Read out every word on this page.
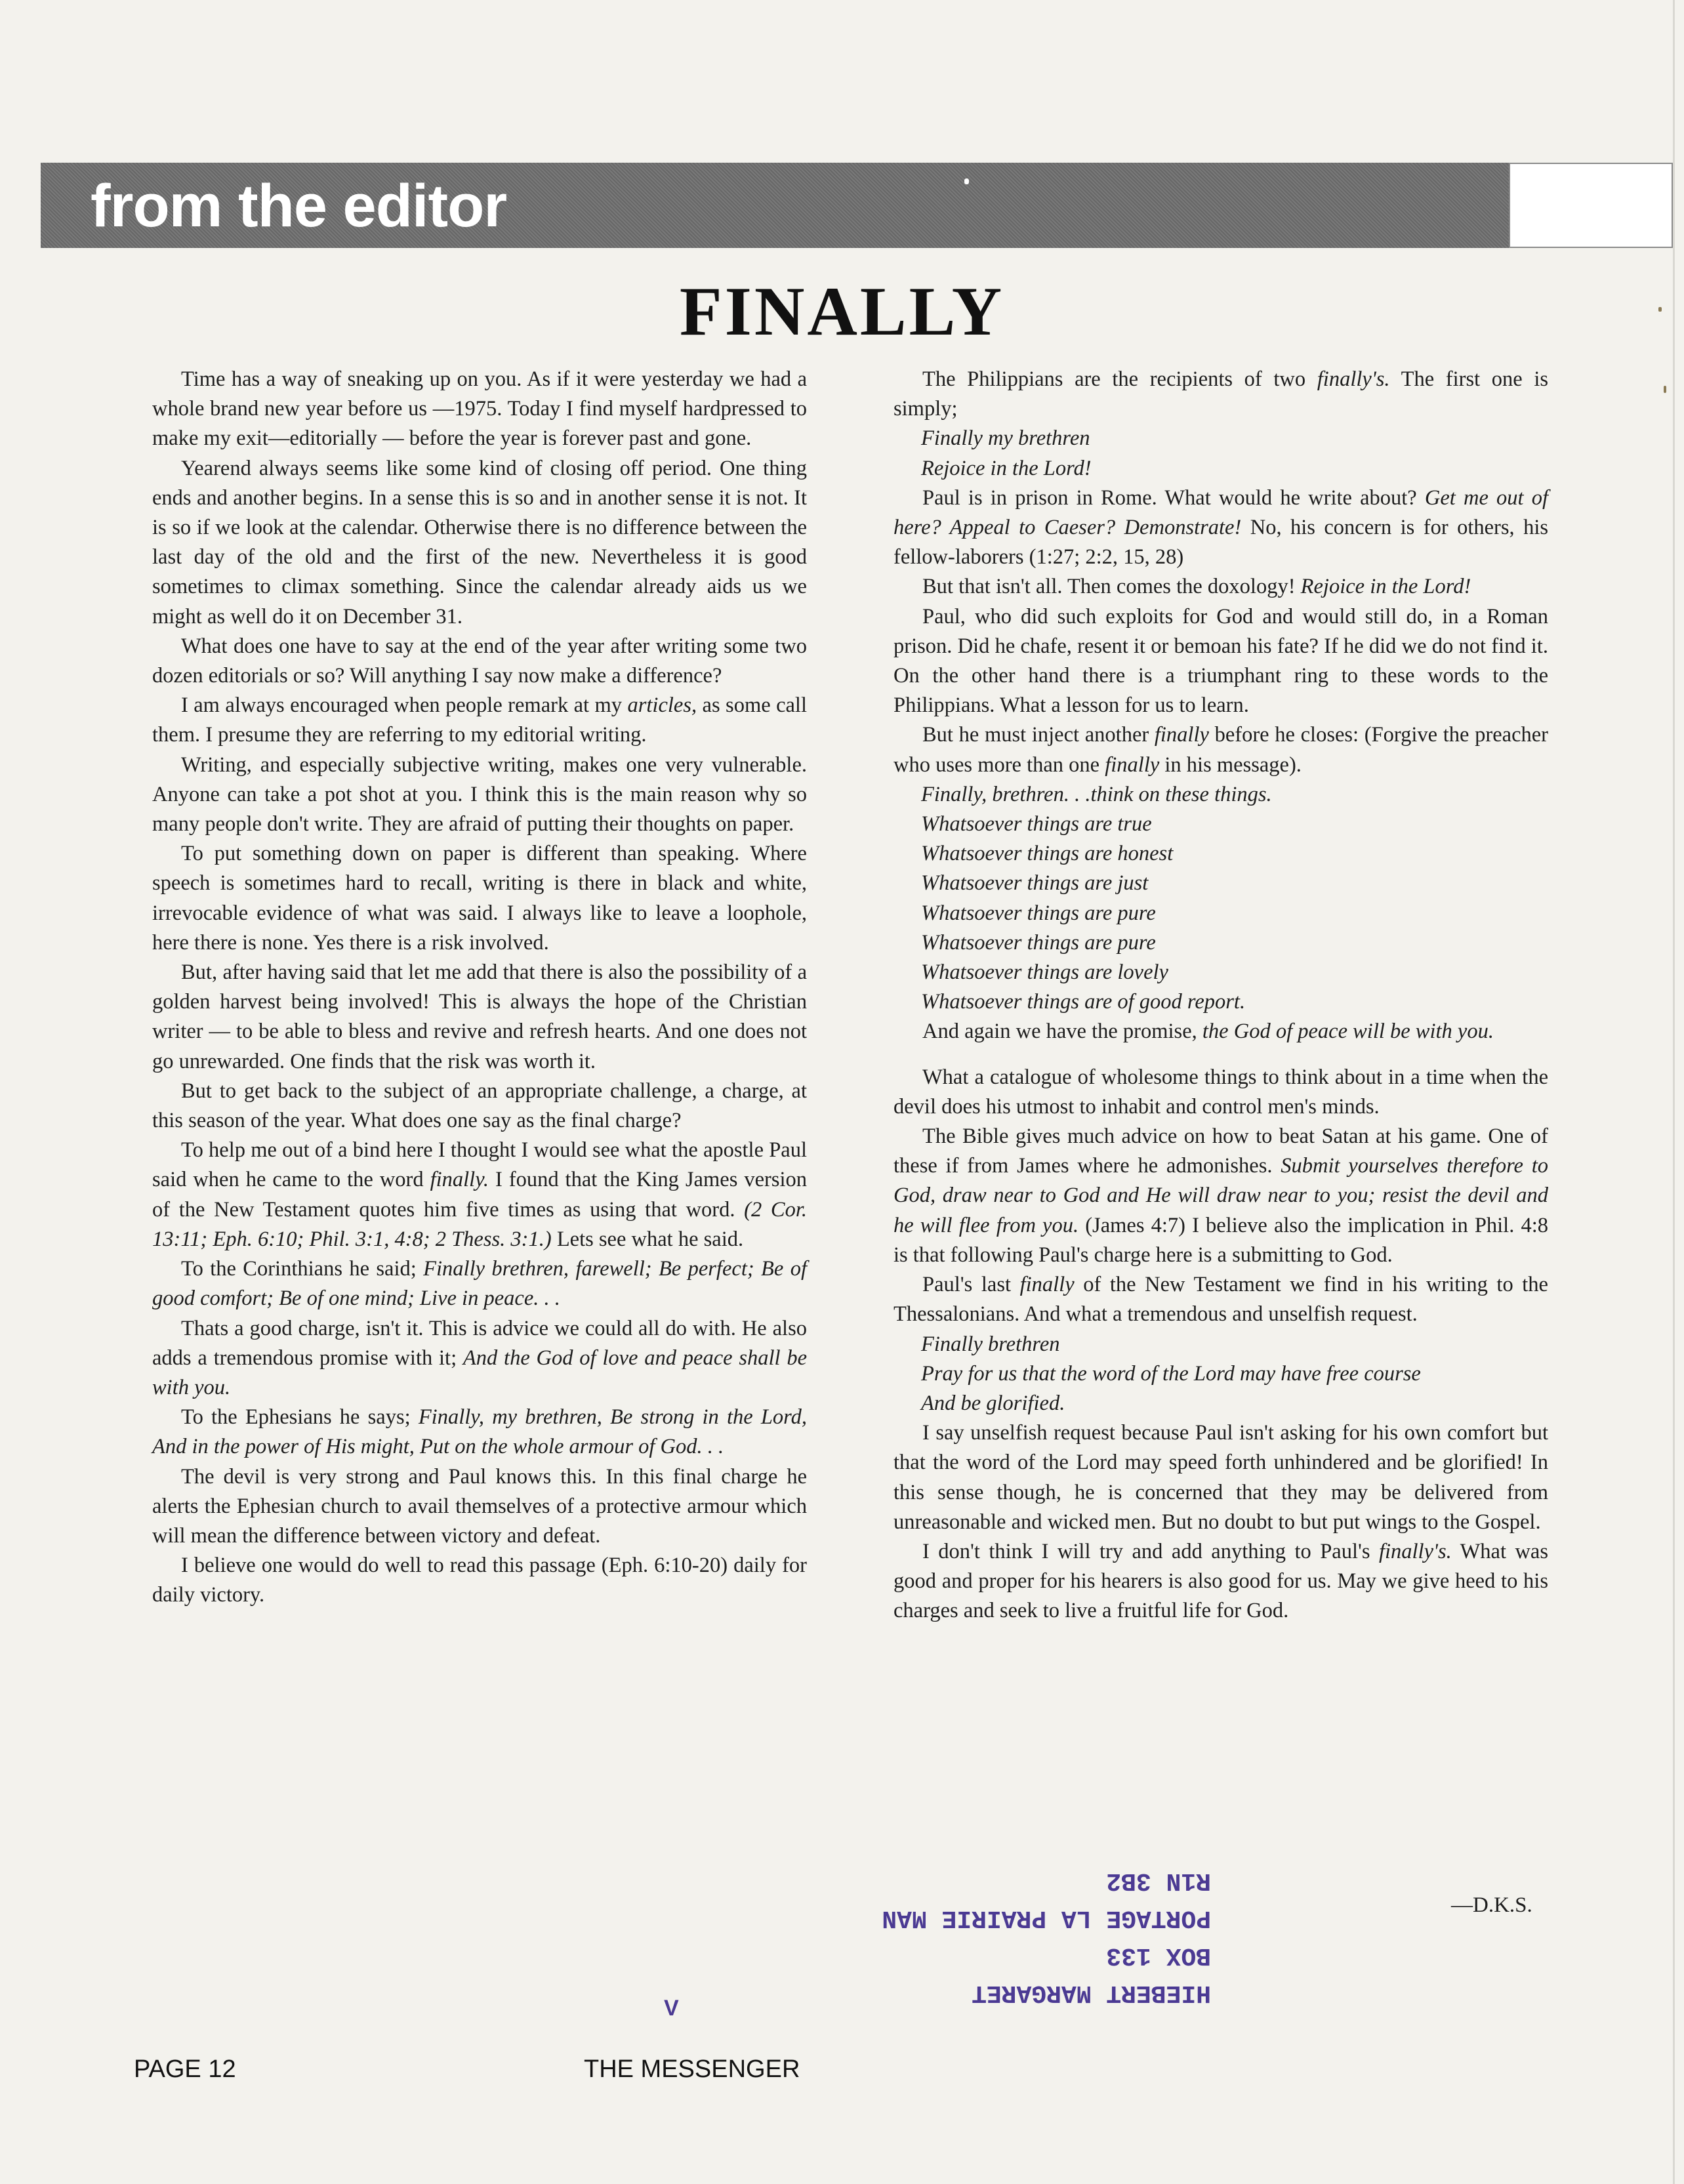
from the editor
FINALLY

Time has a way of sneaking up on you. As if it were yesterday we had a whole brand new year before us —1975. Today I find myself hardpressed to make my exit—editorially — before the year is forever past and gone.

Yearend always seems like some kind of closing off period. One thing ends and another begins. In a sense this is so and in another sense it is not. It is so if we look at the calendar. Otherwise there is no difference between the last day of the old and the first of the new. Nevertheless it is good sometimes to climax something. Since the calendar already aids us we might as well do it on December 31.

What does one have to say at the end of the year after writing some two dozen editorials or so? Will anything I say now make a difference?

I am always encouraged when people remark at my articles, as some call them. I presume they are referring to my editorial writing.

Writing, and especially subjective writing, makes one very vulnerable. Anyone can take a pot shot at you. I think this is the main reason why so many people don't write. They are afraid of putting their thoughts on paper.

To put something down on paper is different than speaking. Where speech is sometimes hard to recall, writing is there in black and white, irrevocable evidence of what was said. I always like to leave a loophole, here there is none. Yes there is a risk involved.

But, after having said that let me add that there is also the possibility of a golden harvest being involved! This is always the hope of the Christian writer — to be able to bless and revive and refresh hearts. And one does not go unrewarded. One finds that the risk was worth it.

But to get back to the subject of an appropriate challenge, a charge, at this season of the year. What does one say as the final charge?

To help me out of a bind here I thought I would see what the apostle Paul said when he came to the word finally. I found that the King James version of the New Testament quotes him five times as using that word. (2 Cor. 13:11; Eph. 6:10; Phil. 3:1, 4:8; 2 Thess. 3:1.) Lets see what he said.

To the Corinthians he said; Finally brethren, farewell; Be perfect; Be of good comfort; Be of one mind; Live in peace. . .

Thats a good charge, isn't it. This is advice we could all do with. He also adds a tremendous promise with it; And the God of love and peace shall be with you.

To the Ephesians he says; Finally, my brethren, Be strong in the Lord, And in the power of His might, Put on the whole armour of God. . .

The devil is very strong and Paul knows this. In this final charge he alerts the Ephesian church to avail themselves of a protective armour which will mean the difference between victory and defeat.

I believe one would do well to read this passage (Eph. 6:10-20) daily for daily victory.

The Philippians are the recipients of two finally's. The first one is simply;

Finally my brethren

Rejoice in the Lord!

Paul is in prison in Rome. What would he write about? Get me out of here? Appeal to Caeser? Demonstrate! No, his concern is for others, his fellow-laborers (1:27; 2:2, 15, 28)

But that isn't all. Then comes the doxology! Rejoice in the Lord!

Paul, who did such exploits for God and would still do, in a Roman prison. Did he chafe, resent it or bemoan his fate? If he did we do not find it. On the other hand there is a triumphant ring to these words to the Philippians. What a lesson for us to learn.

But he must inject another finally before he closes: (Forgive the preacher who uses more than one finally in his message).

Finally, brethren. . .think on these things.

Whatsoever things are true

Whatsoever things are honest

Whatsoever things are just

Whatsoever things are pure

Whatsoever things are pure

Whatsoever things are lovely

Whatsoever things are of good report.

And again we have the promise, the God of peace will be with you.

What a catalogue of wholesome things to think about in a time when the devil does his utmost to inhabit and control men's minds.

The Bible gives much advice on how to beat Satan at his game. One of these if from James where he admonishes. Submit yourselves therefore to God, draw near to God and He will draw near to you; resist the devil and he will flee from you. (James 4:7) I believe also the implication in Phil. 4:8 is that following Paul's charge here is a submitting to God.

Paul's last finally of the New Testament we find in his writing to the Thessalonians. And what a tremendous and unselfish request.

Finally brethren

Pray for us that the word of the Lord may have free course

And be glorified.

I say unselfish request because Paul isn't asking for his own comfort but that the word of the Lord may speed forth unhindered and be glorified! In this sense though, he is concerned that they may be delivered from unreasonable and wicked men. But no doubt to but put wings to the Gospel.

I don't think I will try and add anything to Paul's finally's. What was good and proper for his hearers is also good for us. May we give heed to his charges and seek to live a fruitful life for God.

—D.K.S.
HIEBERT MARGARET
BOX 133
PORTAGE LA PRAIRIE MAN
R1N 3B2
V
PAGE 12	THE MESSENGER
